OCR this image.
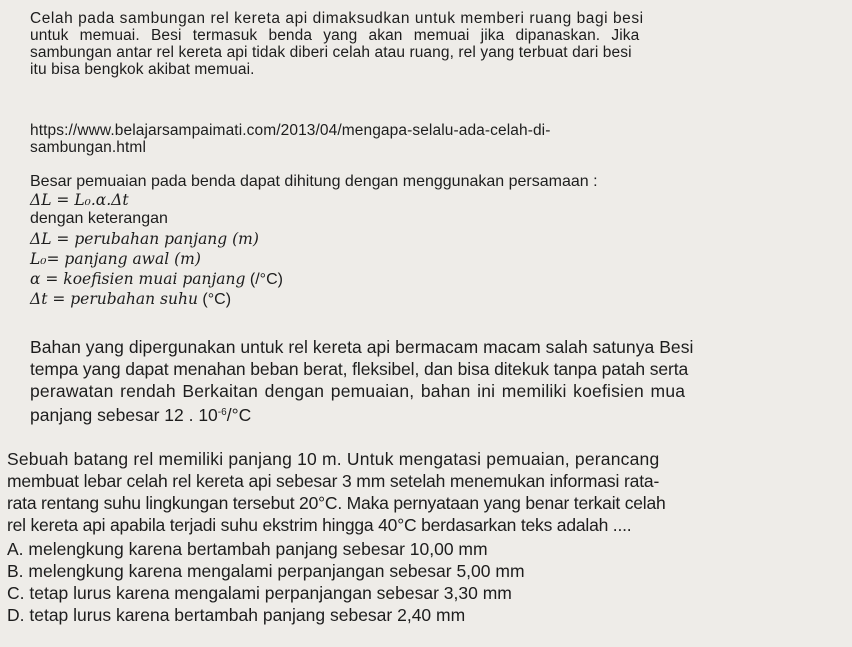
Celah pada sambungan rel kereta api dimaksudkan untuk memberi ruang bagi besi
untuk memuai. Besi termasuk benda yang akan memuai jika dipanaskan. Jika
sambungan antar rel kereta api tidak diberi celah atau ruang, rel yang terbuat dari besi
itu bisa bengkok akibat memuai.
https://www.belajarsampaimati.com/2013/04/mengapa-selalu-ada-celah-di-
sambungan.html
Besar pemuaian pada benda dapat dihitung dengan menggunakan persamaan :
ΔL = L₀.α.Δt
dengan keterangan
ΔL = perubahan panjang (m)
L₀= panjang awal (m)
α = koefisien muai panjang (/°C)
Δt = perubahan suhu (°C)
Bahan yang dipergunakan untuk rel kereta api bermacam macam salah satunya Besi
tempa yang dapat menahan beban berat, fleksibel, dan bisa ditekuk tanpa patah serta
perawatan rendah Berkaitan dengan pemuaian, bahan ini memiliki koefisien mua
panjang sebesar 12 . $10^{-6}/^\circ C$
Sebuah batang rel memiliki panjang 10 m. Untuk mengatasi pemuaian, perancang
membuat lebar celah rel kereta api sebesar 3 mm setelah menemukan informasi rata-
rata rentang suhu lingkungan tersebut 20°C. Maka pernyataan yang benar terkait celah
rel kereta api apabila terjadi suhu ekstrim hingga 40°C berdasarkan teks adalah ....
A. melengkung karena bertambah panjang sebesar 10,00 mm
B. melengkung karena mengalami perpanjangan sebesar 5,00 mm
C. tetap lurus karena mengalami perpanjangan sebesar 3,30 mm
D. tetap lurus karena bertambah panjang sebesar 2,40 mm
